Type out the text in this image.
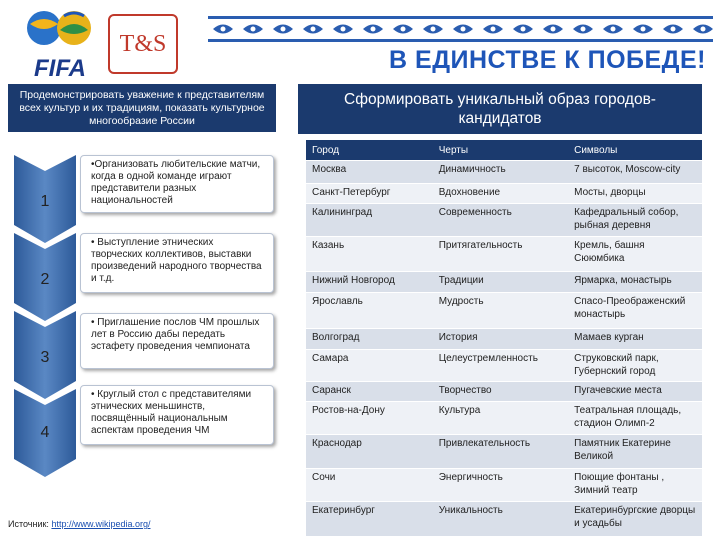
FIFA
T&S
В ЕДИНСТВЕ К ПОБЕДЕ!
Продемонстрировать уважение к представителям всех культур и их традициям, показать культурное многообразие России
Сформировать уникальный образ городов-кандидатов
1
2
3
4
•Организовать любительские матчи, когда в одной команде играют представители разных национальностей
• Выступление этнических творческих коллективов, выставки произведений народного творчества и т.д.
• Приглашение послов ЧМ прошлых лет в Россию дабы передать эстафету проведения чемпионата
• Круглый стол с представителями этнических меньшинств, посвящённый национальным аспектам проведения ЧМ
Источник: http://www.wikipedia.org/
Город	Черты	Символы
Москва	Динамичность	7 высоток, Moscow-city
Санкт-Петербург	Вдохновение	Мосты, дворцы
Калининград	Современность	Кафедральный собор, рыбная деревня
Казань	Притягательность	Кремль, башня Сююмбика
Нижний Новгород	Традиции	Ярмарка, монастырь
Ярославль	Мудрость	Спасо-Преображенский монастырь
Волгоград	История	Мамаев курган
Самара	Целеустремленность	Струковский парк, Губернский город
Саранск	Творчество	Пугачевские места
Ростов-на-Дону	Культура	Театральная площадь, стадион Олимп-2
Краснодар	Привлекательность	Памятник Екатерине Великой
Сочи	Энергичность	Поющие фонтаны , Зимний театр
Екатеринбург	Уникальность	Екатеринбургские дворцы и усадьбы
